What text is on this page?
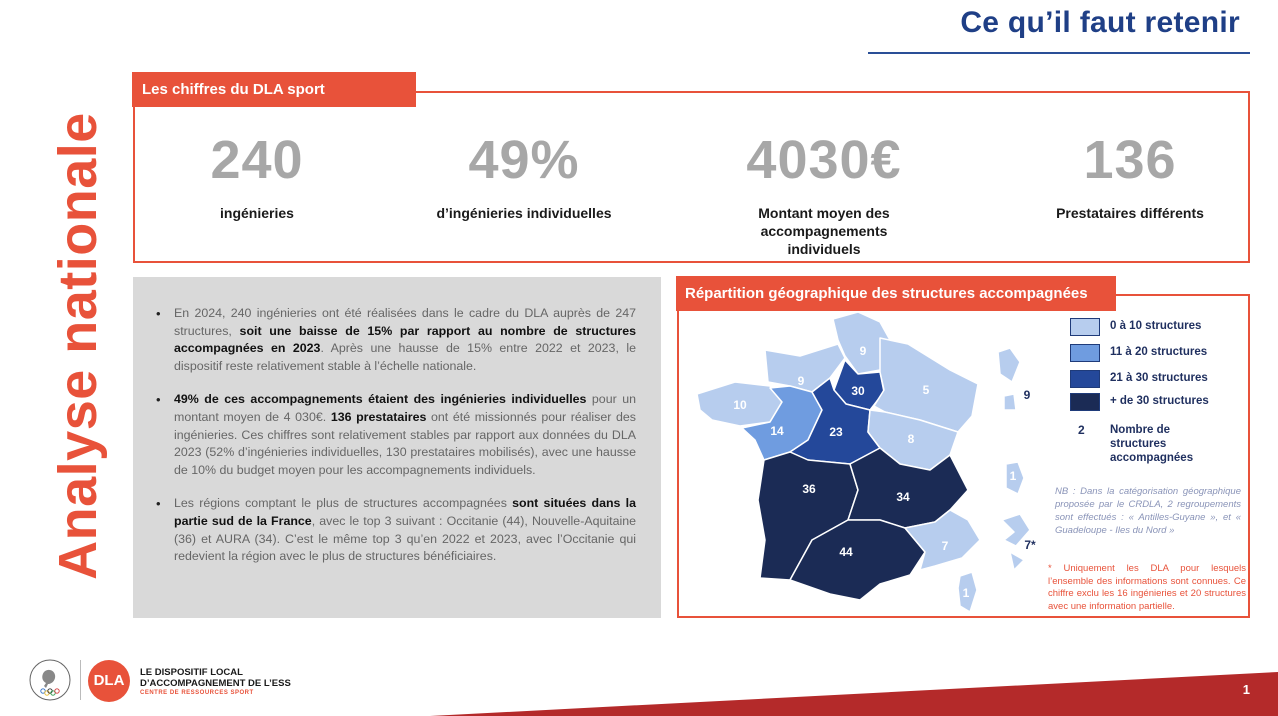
Analyse nationale
Ce qu’il faut retenir
Les chiffres du DLA sport
240
ingénieries
49%
d’ingénieries individuelles
4030€
Montant moyen des accompagnements individuels
136
Prestataires différents
• En 2024, 240 ingénieries ont été réalisées dans le cadre du DLA auprès de 247 structures, soit une baisse de 15% par rapport au nombre de structures accompagnées en 2023. Après une hausse de 15% entre 2022 et 2023, le dispositif reste relativement stable à l’échelle nationale.
• 49% de ces accompagnements étaient des ingénieries individuelles pour un montant moyen de 4 030€. 136 prestataires ont été missionnés pour réaliser des ingénieries. Ces chiffres sont relativement stables par rapport aux données du DLA 2023 (52% d’ingénieries individuelles, 130 prestataires mobilisés), avec une hausse de 10% du budget moyen pour les accompagnements individuels.
• Les régions comptant le plus de structures accompagnées sont situées dans la partie sud de la France, avec le top 3 suivant : Occitanie (44), Nouvelle-Aquitaine (36) et AURA (34). C’est le même top 3 qu’en 2022 et 2023, avec l’Occitanie qui redevient la région avec le plus de structures bénéficiaires.
Répartition géographique des structures accompagnées
9
9
30	5
10
14	23	8
36
34
44	7
1
9
1
7*
0 à 10 structures
11 à 20 structures
21 à 30 structures
+ de 30 structures
2 Nombre de structures accompagnées
NB : Dans la catégorisation géographique proposée par le CRDLA, 2 regroupements sont effectués : « Antilles-Guyane », et « Guadeloupe - Iles du Nord »
* Uniquement les DLA pour lesquels l’ensemble des informations sont connues. Ce chiffre exclu les 16 ingénieries et 20 structures avec une information partielle.
1
DLA	LE DISPOSITIF LOCAL
D’ACCOMPAGNEMENT DE L’ESS
CENTRE DE RESSOURCES SPORT
